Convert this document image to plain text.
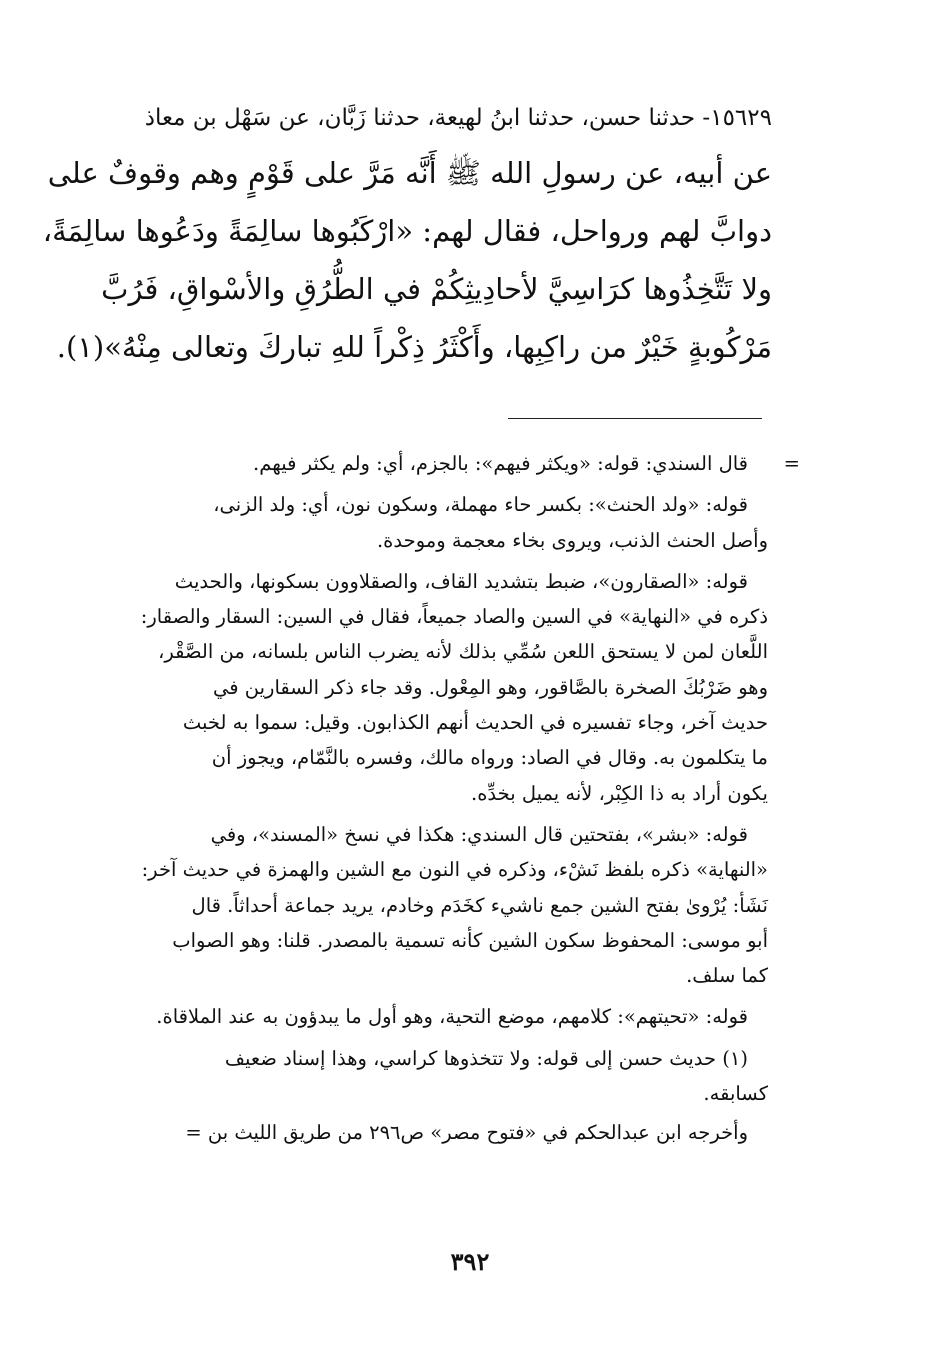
١٥٦٢٩- حدثنا حسن، حدثنا ابنُ لهيعة، حدثنا زَبَّان، عن سَهْل بن معاذ

عن أبيه، عن رسولِ الله ﷺ أَنَّه مَرَّ على قَوْمٍ وهم وقوفٌ على
دوابَّ لهم ورواحل، فقال لهم: «ارْكَبُوها سالِمَةً ودَعُوها سالِمَةً،
ولا تَتَّخِذُوها كرَاسِيَّ لأحادِيثِكُمْ في الطُّرُقِ والأسْواقِ، فَرُبَّ
مَرْكُوبةٍ خَيْرٌ من راكِبِها، وأَكْثَرُ ذِكْراً للهِ تباركَ وتعالى مِنْهُ»(١).
=
قال السندي: قوله: «ويكثر فيهم»: بالجزم، أي: ولم يكثر فيهم.
قوله: «ولد الحنث»: بكسر حاء مهملة، وسكون نون، أي: ولد الزنى،
وأصل الحنث الذنب، ويروى بخاء معجمة وموحدة.
قوله: «الصقارون»، ضبط بتشديد القاف، والصقلاوون بسكونها، والحديث
ذكره في «النهاية» في السين والصاد جميعاً، فقال في السين: السقار والصقار:
اللَّعان لمن لا يستحق اللعن سُمِّي بذلك لأنه يضرب الناس بلسانه، من الصَّقْر،
وهو ضَرْبُكَ الصخرة بالصَّاقور، وهو المِعْول. وقد جاء ذكر السقارين في
حديث آخر، وجاء تفسيره في الحديث أنهم الكذابون. وقيل: سموا به لخبث
ما يتكلمون به. وقال في الصاد: ورواه مالك، وفسره بالنَّمّام، ويجوز أن
يكون أراد به ذا الكِبْر، لأنه يميل بخدِّه.
قوله: «بشر»، بفتحتين قال السندي: هكذا في نسخ «المسند»، وفي
«النهاية» ذكره بلفظ نَشْء، وذكره في النون مع الشين والهمزة في حديث آخر:
نَشَأ: يُرْوىٰ بفتح الشين جمع ناشيء كخَدَم وخادم، يريد جماعة أحداثاً. قال
أبو موسى: المحفوظ سكون الشين كأنه تسمية بالمصدر. قلنا: وهو الصواب
كما سلف.
قوله: «تحيتهم»: كلامهم، موضع التحية، وهو أول ما يبدؤون به عند الملاقاة.
(١) حديث حسن إلى قوله: ولا تتخذوها كراسي، وهذا إسناد ضعيف
كسابقه.
وأخرجه ابن عبدالحكم في «فتوح مصر» ص٢٩٦ من طريق الليث بن =
٣٩٢
